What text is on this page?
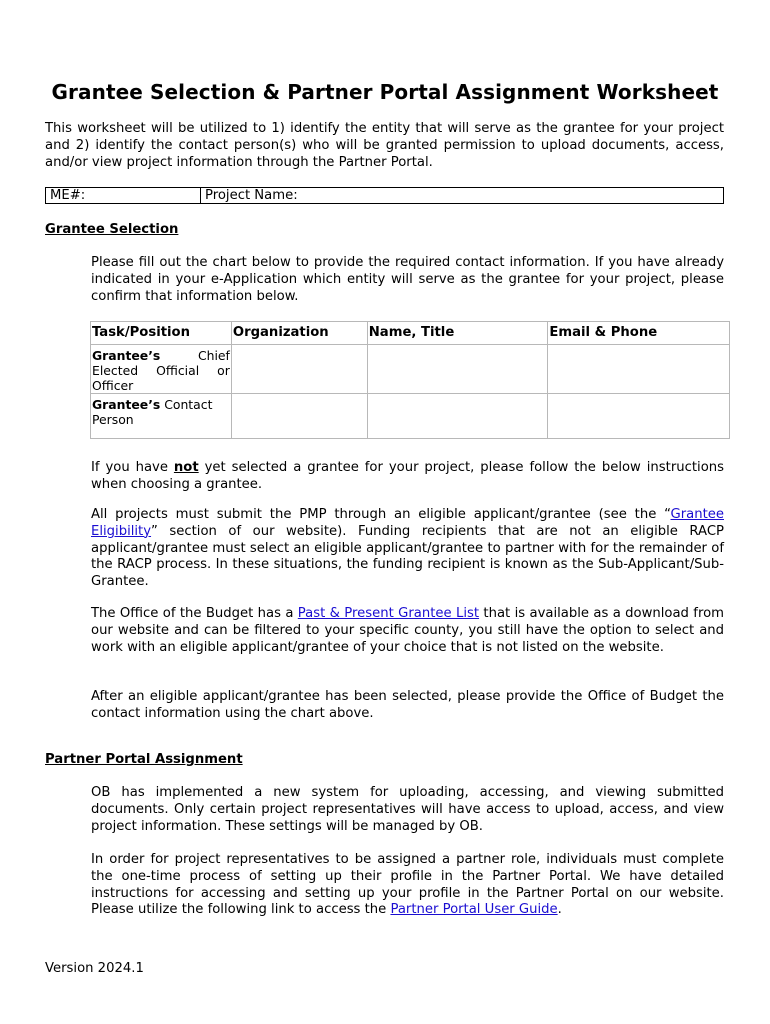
Grantee Selection & Partner Portal Assignment Worksheet

This worksheet will be utilized to 1) identify the entity that will serve as the grantee for your project and 2) identify the contact person(s) who will be granted permission to upload documents, access, and/or view project information through the Partner Portal.

ME#:	Project Name:

Grantee Selection

Please fill out the chart below to provide the required contact information. If you have already indicated in your e-Application which entity will serve as the grantee for your project, please confirm that information below.

Task/Position	Organization	Name, Title	Email & Phone

Grantee’s Chief Elected Official or Officer			

Grantee’s Contact Person			

If you have not yet selected a grantee for your project, please follow the below instructions when choosing a grantee.

All projects must submit the PMP through an eligible applicant/grantee (see the “Grantee Eligibility” section of our website). Funding recipients that are not an eligible RACP applicant/grantee must select an eligible applicant/grantee to partner with for the remainder of the RACP process. In these situations, the funding recipient is known as the Sub-Applicant/Sub-Grantee.

The Office of the Budget has a Past & Present Grantee List that is available as a download from our website and can be filtered to your specific county, you still have the option to select and work with an eligible applicant/grantee of your choice that is not listed on the website.

After an eligible applicant/grantee has been selected, please provide the Office of Budget the contact information using the chart above.

Partner Portal Assignment

OB has implemented a new system for uploading, accessing, and viewing submitted documents. Only certain project representatives will have access to upload, access, and view project information. These settings will be managed by OB.

In order for project representatives to be assigned a partner role, individuals must complete the one-time process of setting up their profile in the Partner Portal. We have detailed instructions for accessing and setting up your profile in the Partner Portal on our website. Please utilize the following link to access the Partner Portal User Guide.

Version 2024.1
